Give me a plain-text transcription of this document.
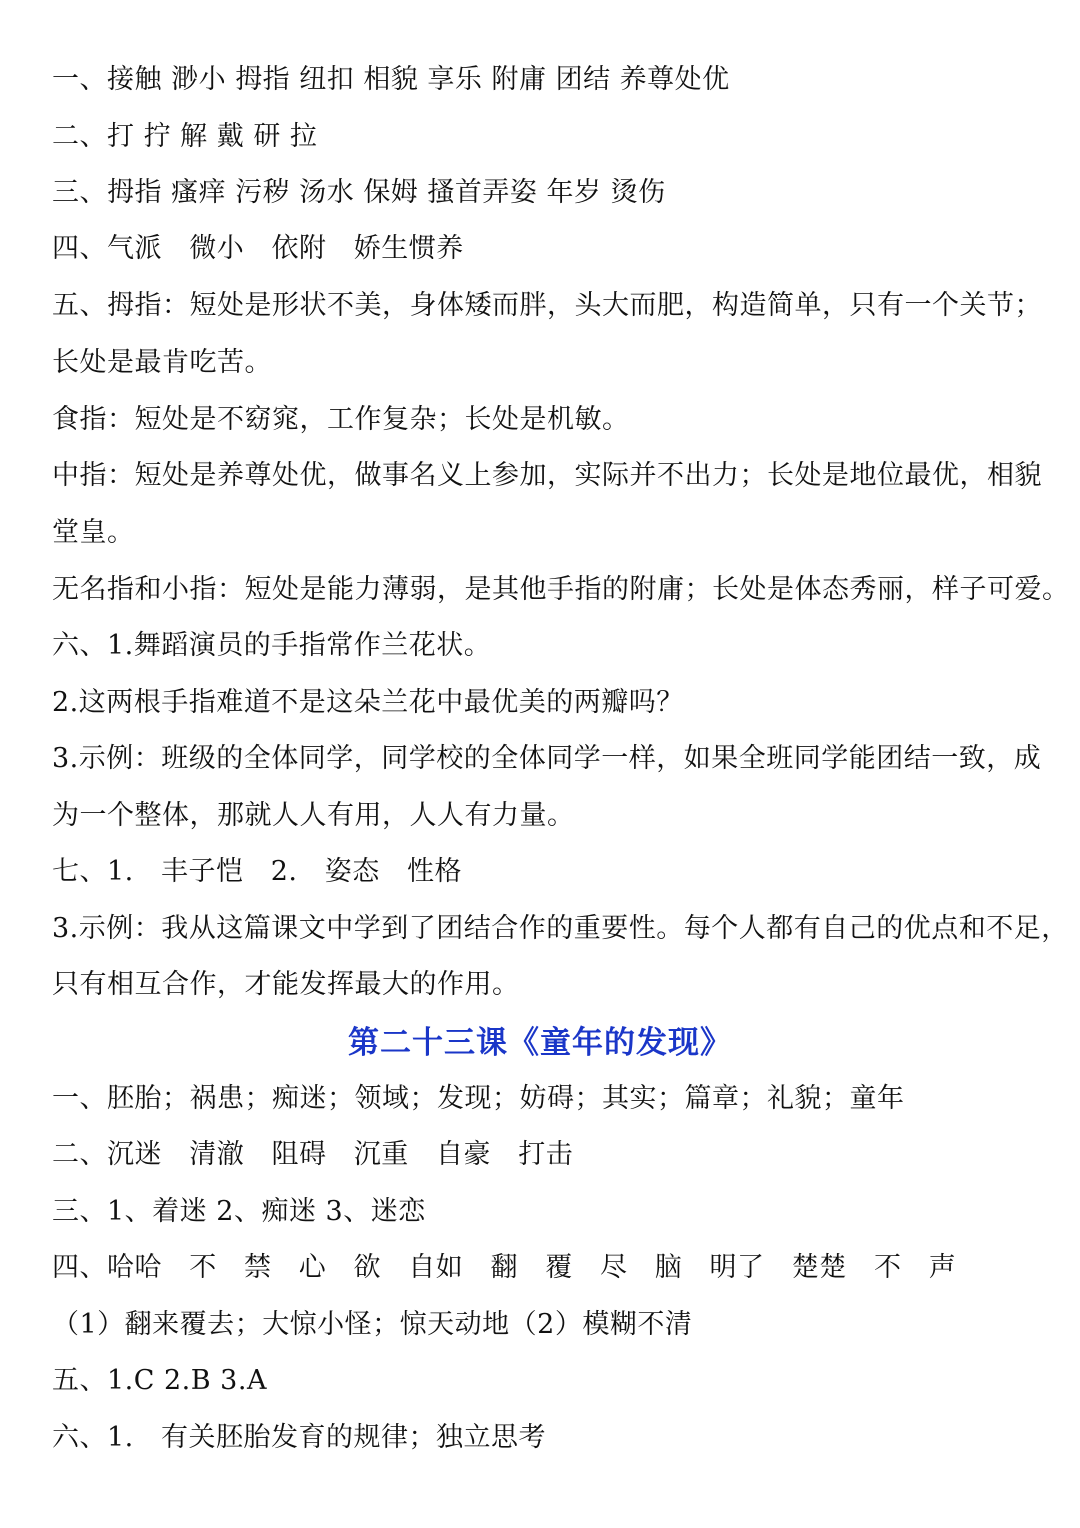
一、接触 渺小 拇指 纽扣 相貌 享乐 附庸 团结 养尊处优
二、打 拧 解 戴 研 拉
三、拇指 瘙痒 污秽 汤水 保姆 搔首弄姿 年岁 烫伤
四、气派   微小   依附   娇生惯养
五、拇指：短处是形状不美，身体矮而胖，头大而肥，构造简单，只有一个关节；
长处是最肯吃苦。
食指：短处是不窈窕，工作复杂；长处是机敏。
中指：短处是养尊处优，做事名义上参加，实际并不出力；长处是地位最优，相貌
堂皇。
无名指和小指：短处是能力薄弱，是其他手指的附庸；长处是体态秀丽，样子可爱。
六、1.舞蹈演员的手指常作兰花状。
2.这两根手指难道不是这朵兰花中最优美的两瓣吗？
3.示例：班级的全体同学，同学校的全体同学一样，如果全班同学能团结一致，成
为一个整体，那就人人有用，人人有力量。
七、1.   丰子恺   2.   姿态   性格
3.示例：我从这篇课文中学到了团结合作的重要性。每个人都有自己的优点和不足，
只有相互合作，才能发挥最大的作用。
第二十三课《童年的发现》
一、胚胎；祸患；痴迷；领域；发现；妨碍；其实；篇章；礼貌；童年
二、沉迷   清澈   阻碍   沉重   自豪   打击
三、1、着迷 2、痴迷 3、迷恋
四、哈哈   不   禁   心   欲   自如   翻   覆   尽   脑   明了   楚楚   不   声
（1）翻来覆去；大惊小怪；惊天动地（2）模糊不清
五、1.C 2.B 3.A
六、1.   有关胚胎发育的规律；独立思考
